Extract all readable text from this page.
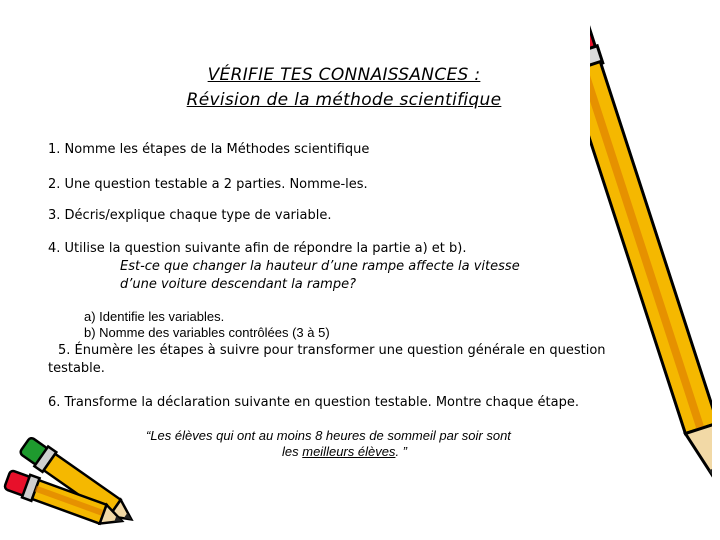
VÉRIFIE TES CONNAISSANCES :
Révision de la méthode scientifique
1. Nomme les étapes de la Méthodes scientifique
2. Une question testable a 2 parties. Nomme-les.
3. Décris/explique chaque type de variable.
4. Utilise la question suivante afin de répondre la partie a) et b).
Est-ce que changer la hauteur d’une rampe affecte la vitesse
d’une voiture descendant la rampe?
a) Identifie les variables.
b) Nomme des variables contrôlées (3 à 5)
5. Énumère les étapes à suivre pour transformer une question générale en question
testable.
6. Transforme la déclaration suivante en question testable. Montre chaque étape.
“Les élèves qui ont au moins 8 heures de sommeil par soir sont
les meilleurs élèves. ”
